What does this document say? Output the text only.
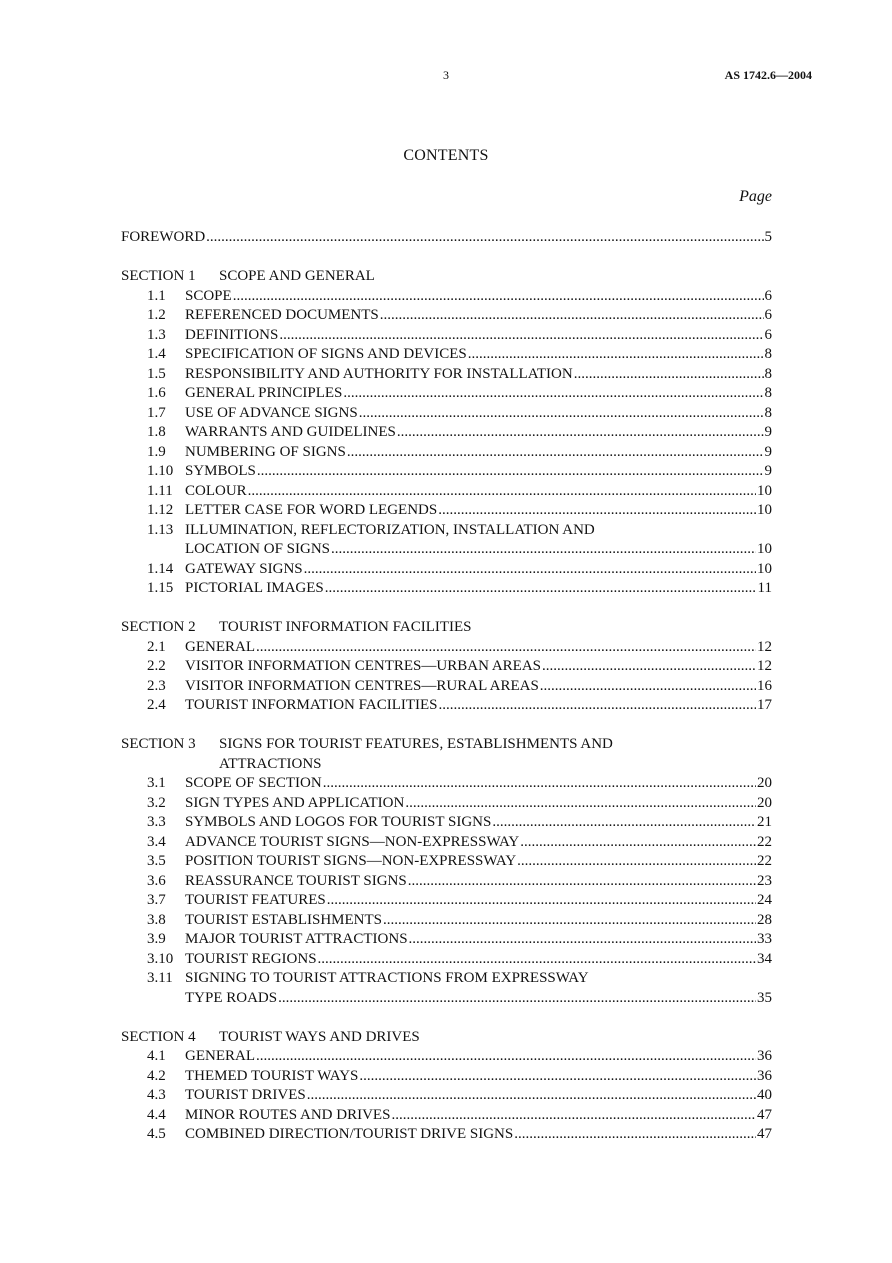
3	AS 1742.6—2004
CONTENTS
Page
FOREWORD .....	5
SECTION 1	SCOPE AND GENERAL
1.1	SCOPE .....	6
1.2	REFERENCED DOCUMENTS .....	6
1.3	DEFINITIONS .....	6
1.4	SPECIFICATION OF SIGNS AND DEVICES .....	8
1.5	RESPONSIBILITY AND AUTHORITY FOR INSTALLATION .....	8
1.6	GENERAL PRINCIPLES .....	8
1.7	USE OF ADVANCE SIGNS .....	8
1.8	WARRANTS AND GUIDELINES .....	9
1.9	NUMBERING OF SIGNS .....	9
1.10 SYMBOLS .....	9
1.11 COLOUR .....	10
1.12 LETTER CASE FOR WORD LEGENDS .....	10
1.13 ILLUMINATION, REFLECTORIZATION, INSTALLATION AND
LOCATION OF SIGNS .....	10
1.14 GATEWAY SIGNS .....	10
1.15 PICTORIAL IMAGES .....	11
SECTION 2	TOURIST INFORMATION FACILITIES
2.1	GENERAL .....	12
2.2	VISITOR INFORMATION CENTRES—URBAN AREAS .....	12
2.3	VISITOR INFORMATION CENTRES—RURAL AREAS .....	16
2.4	TOURIST INFORMATION FACILITIES .....	17
SECTION 3	SIGNS FOR TOURIST FEATURES, ESTABLISHMENTS AND
ATTRACTIONS
3.1	SCOPE OF SECTION .....	20
3.2	SIGN TYPES AND APPLICATION .....	20
3.3	SYMBOLS AND LOGOS FOR TOURIST SIGNS .....	21
3.4	ADVANCE TOURIST SIGNS—NON-EXPRESSWAY .....	22
3.5	POSITION TOURIST SIGNS—NON-EXPRESSWAY .....	22
3.6	REASSURANCE TOURIST SIGNS .....	23
3.7	TOURIST FEATURES .....	24
3.8	TOURIST ESTABLISHMENTS .....	28
3.9	MAJOR TOURIST ATTRACTIONS .....	33
3.10 TOURIST REGIONS .....	34
3.11 SIGNING TO TOURIST ATTRACTIONS FROM EXPRESSWAY
TYPE ROADS .....	35
SECTION 4	TOURIST WAYS AND DRIVES
4.1	GENERAL .....	36
4.2	THEMED TOURIST WAYS .....	36
4.3	TOURIST DRIVES .....	40
4.4	MINOR ROUTES AND DRIVES .....	47
4.5	COMBINED DIRECTION/TOURIST DRIVE SIGNS .....	47
